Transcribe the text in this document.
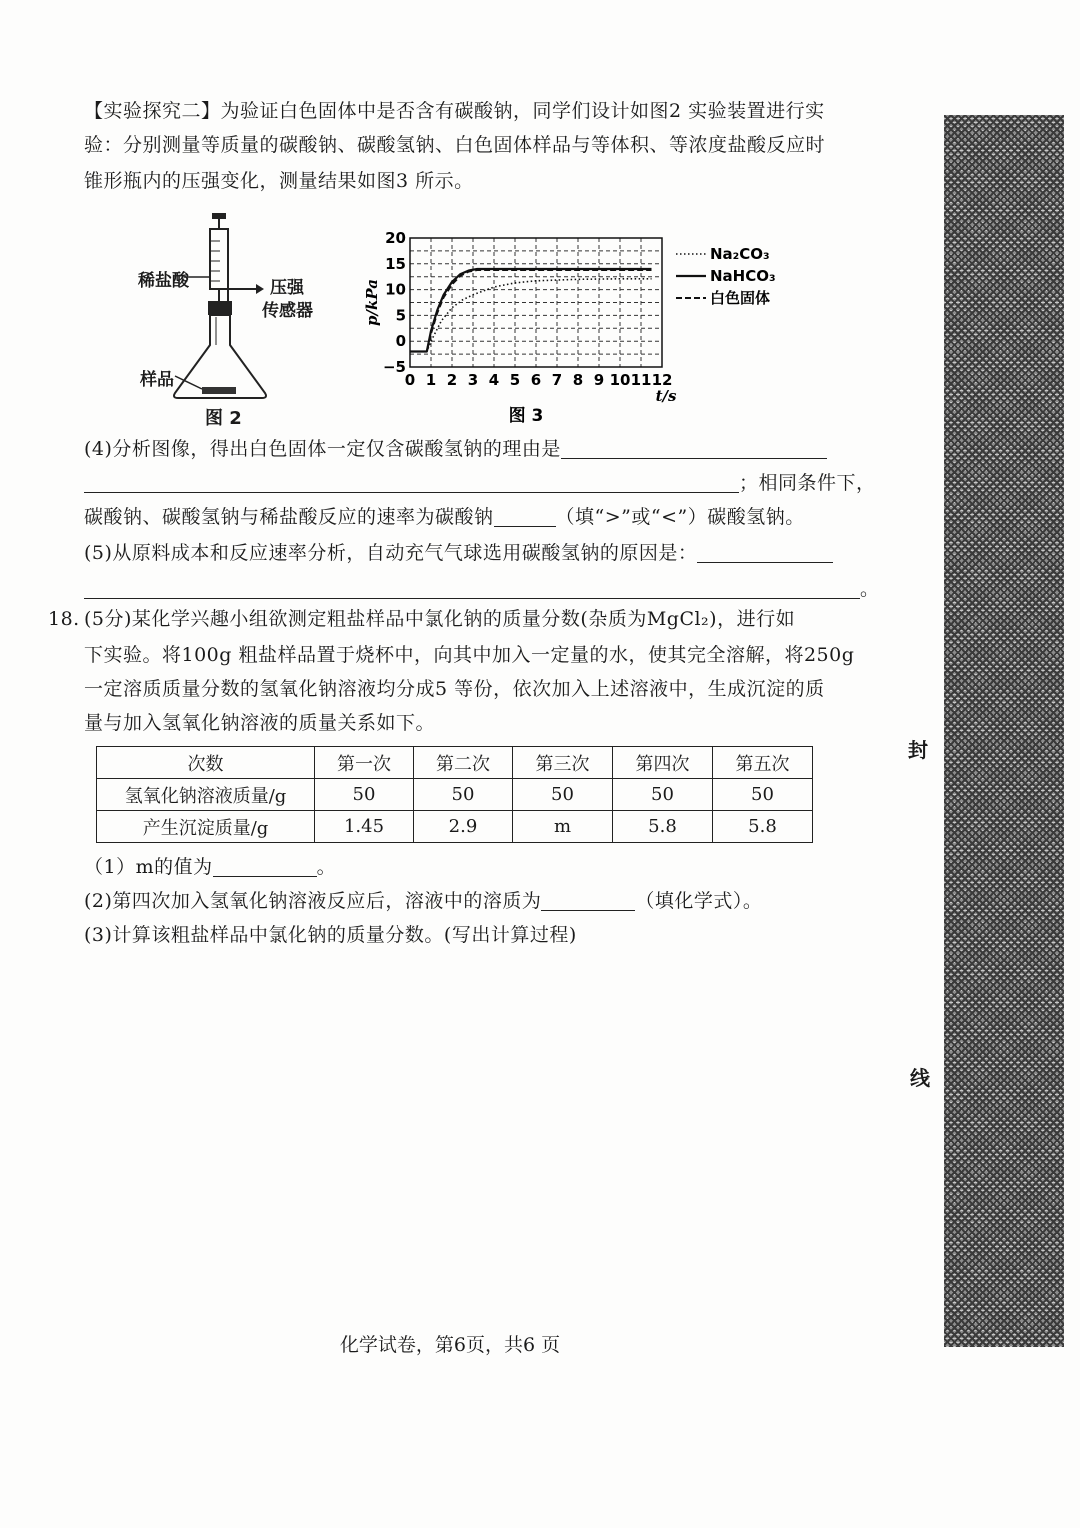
【实验探究二】为验证白色固体中是否含有碳酸钠，同学们设计如图2 实验装置进行实
验：分别测量等质量的碳酸钠、碳酸氢钠、白色固体样品与等体积、等浓度盐酸反应时
锥形瓶内的压强变化，测量结果如图3 所示。
稀盐酸	压强
传感器
样品
图 2
0 1 2 3 4 5 6 7 8 9 10 11 12
−5
0
5
10
15
20
p/kPa
t/s
图 3
Na₂CO₃
NaHCO₃
白色固体
(4)分析图像，得出白色固体一定仅含碳酸氢钠的理由是
；相同条件下，
碳酸钠、碳酸氢钠与稀盐酸反应的速率为碳酸钠	（填“>”或“<”）碳酸氢钠。
(5)从原料成本和反应速率分析，自动充气气球选用碳酸氢钠的原因是：
。
18. (5分)某化学兴趣小组欲测定粗盐样品中氯化钠的质量分数(杂质为MgCl₂)，进行如
下实验。将100g 粗盐样品置于烧杯中，向其中加入一定量的水，使其完全溶解，将250g
一定溶质质量分数的氢氧化钠溶液均分成5 等份，依次加入上述溶液中，生成沉淀的质
量与加入氢氧化钠溶液的质量关系如下。
次数	第一次	第二次	第三次	第四次	第五次
氢氧化钠溶液质量/g	50	50	50	50	50
产生沉淀质量/g	1.45	2.9	m	5.8	5.8
（1）m的值为	。
(2)第四次加入氢氧化钠溶液反应后，溶液中的溶质为	（填化学式）。
(3)计算该粗盐样品中氯化钠的质量分数。(写出计算过程)
封
线
化学试卷，第6页，共6 页
